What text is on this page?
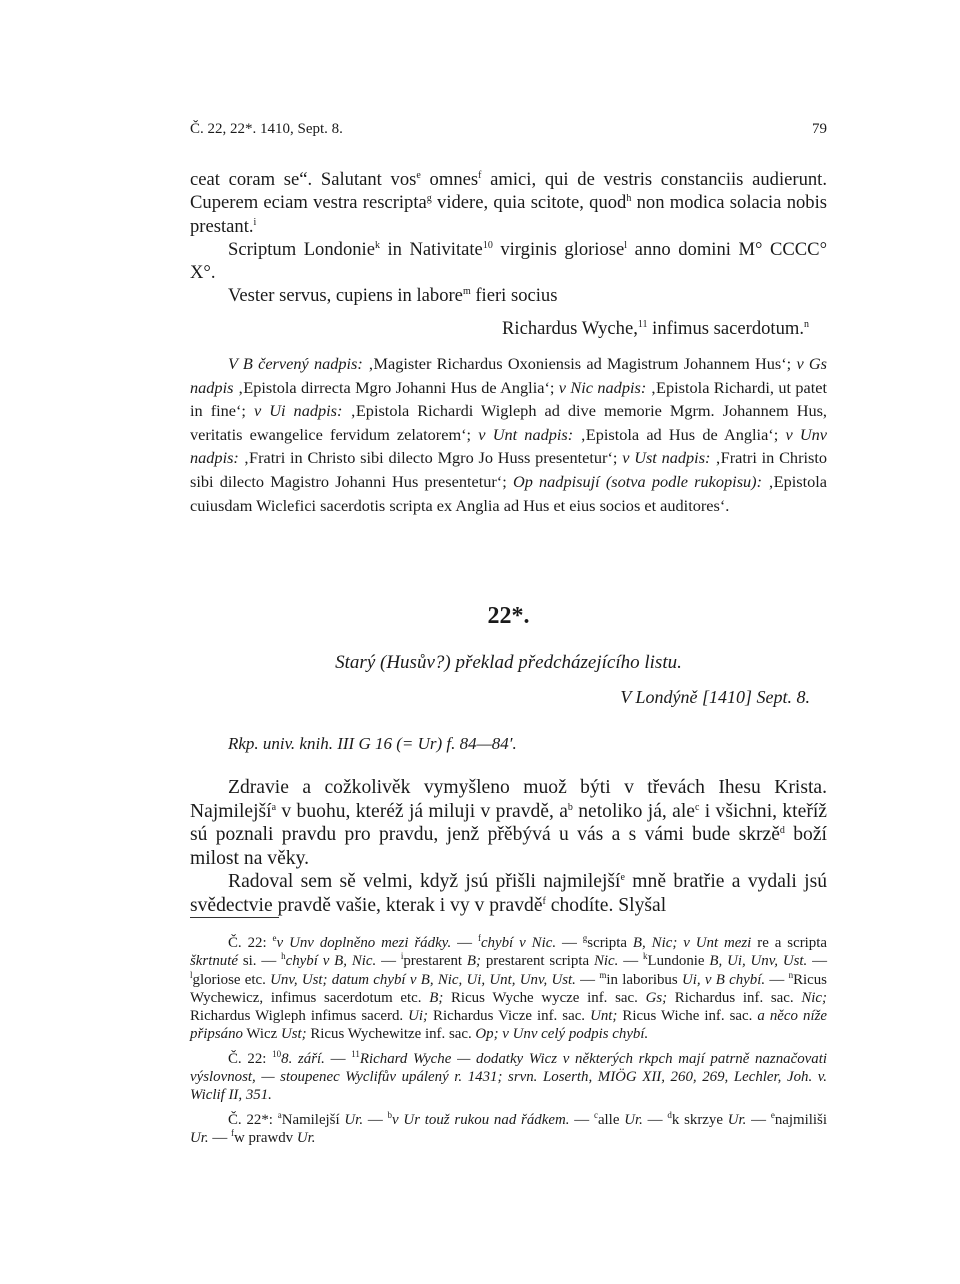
Č. 22, 22*. 1410, Sept. 8.	79

ceat coram se“. Salutant vos$^e$ omnes$^f$ amici, qui de vestris constanciis audierunt. Cuperem eciam vestra rescripta$^g$ videre, quia scitote, quod$^h$ non modica solacia nobis prestant.$^i$

Scriptum Londonie$^k$ in Nativitate$^{10}$ virginis gloriose$^l$ anno domini M° CCCC° X°.

Vester servus, cupiens in labore$^m$ fieri socius

Richardus Wyche,$^{11}$ infimus sacerdotum.$^n$

V B červený nadpis: ‚Magister Richardus Oxoniensis ad Magistrum Johannem Hus‘; v Gs nadpis ‚Epistola dirrecta Mgro Johanni Hus de Anglia‘; v Nic nadpis: ‚Epistola Richardi, ut patet in fine‘; v Ui nadpis: ‚Epistola Richardi Wigleph ad dive memorie Mgrm. Johannem Hus, veritatis ewangelice fervidum zelatorem‘; v Unt nadpis: ‚Epistola ad Hus de Anglia‘; v Unv nadpis: ‚Fratri in Christo sibi dilecto Mgro Jo Huss presentetur‘; v Ust nadpis: ‚Fratri in Christo sibi dilecto Magistro Johanni Hus presentetur‘; Op nadpisují (sotva podle rukopisu): ‚Epistola cuiusdam Wiclefici sacerdotis scripta ex Anglia ad Hus et eius socios et auditores‘.

22*.
Starý (Husův?) překlad předcházejícího listu.
V Londýně [1410] Sept. 8.
Rkp. univ. knih. III G 16 (= Ur) f. 84—84′.

Zdravie a cožkolivěk vymyšleno muož býti v třevách Ihesu Krista. Najmilejší$^a$ v buohu, kteréž já miluji v pravdě, $a^b$ netoliko já, ale$^c$ i všichni, kteříž sú poznali pravdu pro pravdu, jenž přěbývá u vás a s vámi bude skrzě$^d$ boží milost na věky.

Radoval sem sě velmi, když jsú přišli najmilejší$^e$ mně bratřie a vydali jsú svědectvie pravdě vašie, kterak i vy v pravdě$^f$ chodíte. Slyšal

Č. 22: $^e$v Unv doplněno mezi řádky. — $^f$chybí v Nic. — $^g$scripta B, Nic; v Unt mezi re a scripta škrtnuté si. — $^h$chybí v B, Nic. — $^i$prestarent B; prestarent scripta Nic. — $^k$Lundonie B, Ui, Unv, Ust. — $^l$gloriose etc. Unv, Ust; datum chybí v B, Nic, Ui, Unt, Unv, Ust. — $^m$in laboribus Ui, v B chybí. — $^n$Ricus Wychewicz, infimus sacerdotum etc. B; Ricus Wyche wycze inf. sac. Gs; Richardus inf. sac. Nic; Richardus Wigleph infimus sacerd. Ui; Richardus Vicze inf. sac. Unt; Ricus Wiche inf. sac. a něco níže připsáno Wicz Ust; Ricus Wychewitze inf. sac. Op; v Unv celý podpis chybí.

Č. 22: $^{10}$8. září. — $^{11}$Richard Wyche — dodatky Wicz v některých rkpch mají patrně naznačovati výslovnost, — stoupenec Wyclifův upálený r. 1431; srvn. Loserth, MIÖG XII, 260, 269, Lechler, Joh. v. Wiclif II, 351.

Č. 22*: $^a$Namilejší Ur. — $^b$v Ur touž rukou nad řádkem. — $^c$alle Ur. — $^d$k skrzye Ur. — $^e$najmiliši Ur. — $^f$w prawdv Ur.
